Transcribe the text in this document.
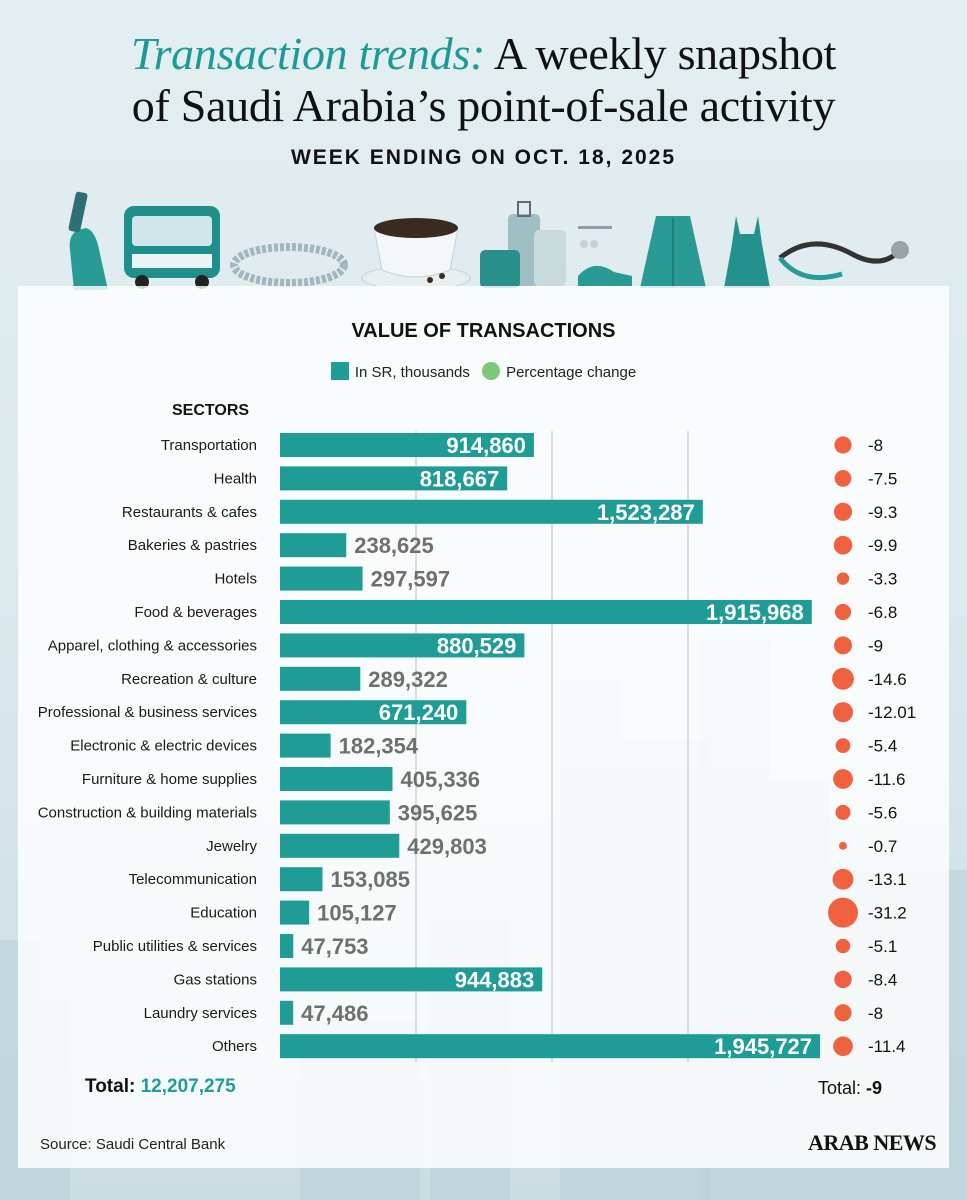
Transaction trends: A weekly snapshot
of Saudi Arabia’s point-of-sale activity
WEEK ENDING ON OCT. 18, 2025
VALUE OF TRANSACTIONS
In SR, thousands Percentage change
SECTORS
Transportation	914,860	-8
Health	818,667	-7.5
Restaurants & cafes	1,523,287	-9.3
Bakeries & pastries	238,625	-9.9
Hotels	297,597	-3.3
Food & beverages	1,915,968	-6.8
Apparel, clothing & accessories	880,529	-9
Recreation & culture	289,322	-14.6
Professional & business services	671,240	-12.01
Electronic & electric devices	182,354	-5.4
Furniture & home supplies	405,336	-11.6
Construction & building materials	395,625	-5.6
Jewelry	429,803	-0.7
Telecommunication	153,085	-13.1
Education	105,127	-31.2
Public utilities & services 47,753	-5.1
Gas stations	944,883	-8.4
Laundry services 47,486	-8
Others	1,945,727	-11.4
Total: 12,207,275	Total: -9
Source: Saudi Central Bank	ARAB NEWS
